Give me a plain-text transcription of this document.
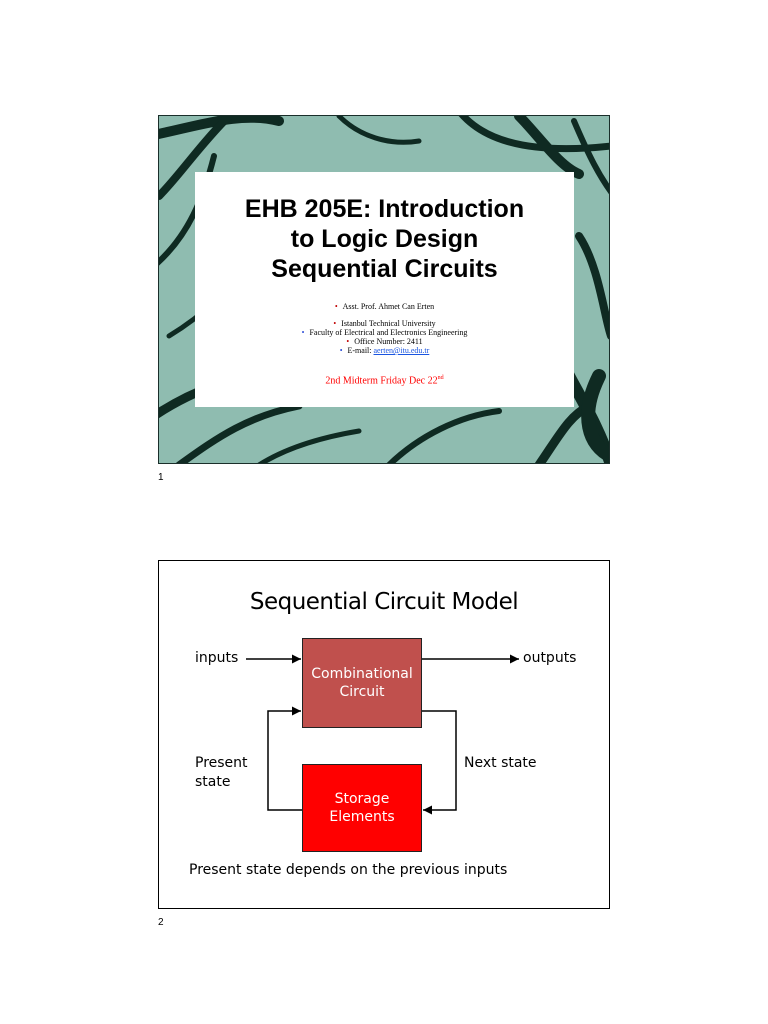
EHB 205E: Introduction

to Logic Design

Sequential Circuits

• Asst. Prof. Ahmet Can Erten
• Istanbul Technical University
• Faculty of Electrical and Electronics Engineering
• Office Number: 2411
• E-mail: aerten@itu.edu.tr
2nd Midterm Friday Dec 22nd
1
Sequential Circuit Model
inputs	outputs
Combinational Circuit
Storage Elements
Present state
Next state
Present state depends on the previous inputs
2
